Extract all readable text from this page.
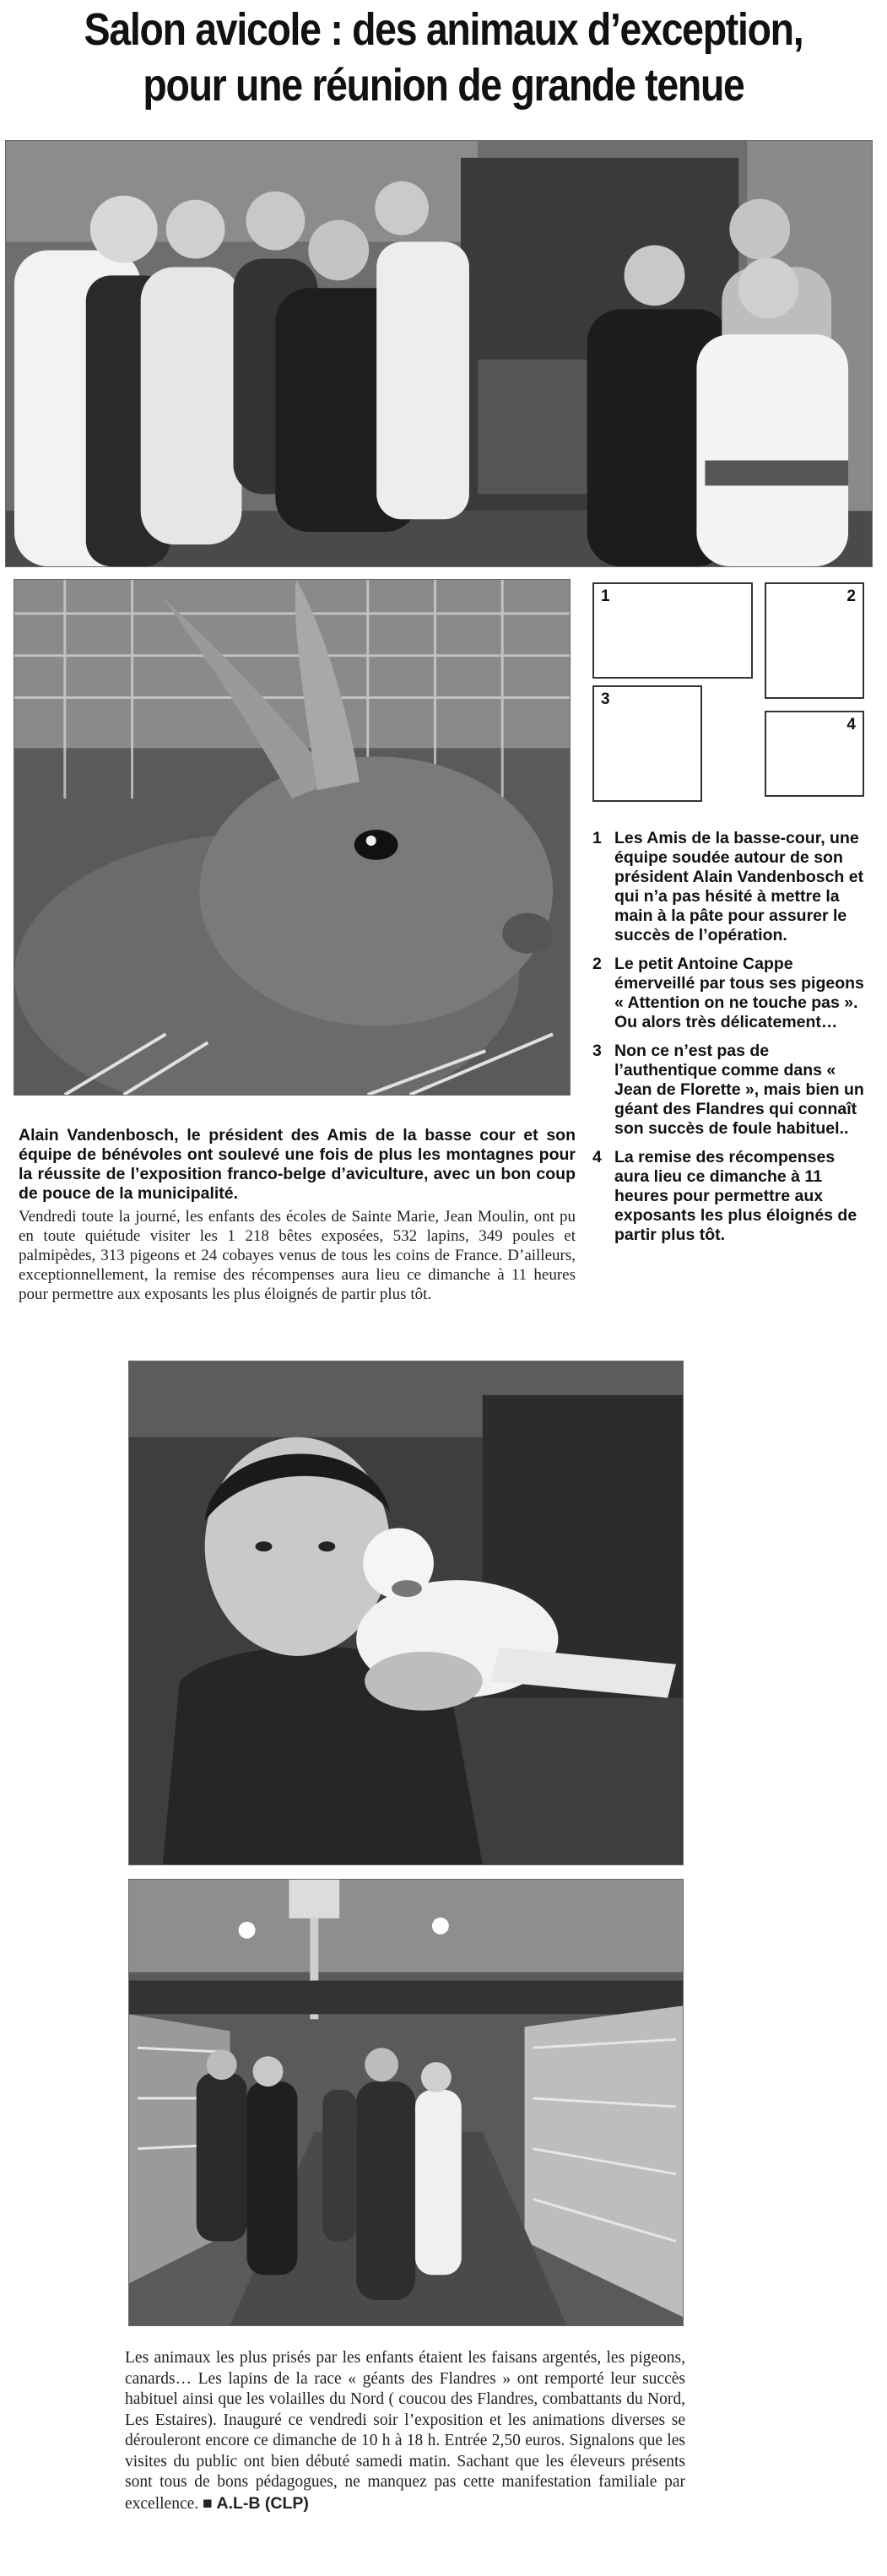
Salon avicole : des animaux d’exception,
pour une réunion de grande tenue
1	2
3
4
1 Les Amis de la basse-cour, une équipe soudée autour de son président Alain Vandenbosch et qui n’a pas hésité à mettre la main à la pâte pour assurer le succès de l’opération.
2 Le petit Antoine Cappe émerveillé par tous ses pigeons « Attention on ne touche pas ». Ou alors très délicatement…
3 Non ce n’est pas de l’authentique comme dans « Jean de Florette », mais bien un géant des Flandres qui connaît son succès de foule habituel..
4 La remise des récompenses aura lieu ce dimanche à 11 heures pour permettre aux exposants les plus éloignés de partir plus tôt.
Alain Vandenbosch, le président des Amis de la basse cour et son équipe de bénévoles ont soulevé une fois de plus les montagnes pour la réussite de l’exposition franco-belge d’aviculture, avec un bon coup de pouce de la municipalité.
Vendredi toute la journé, les enfants des écoles de Sainte Marie, Jean Moulin, ont pu en toute quiétude visiter les 1 218 bêtes exposées, 532 lapins, 349 poules et palmipèdes, 313 pigeons et 24 cobayes venus de tous les coins de France. D’ailleurs, exceptionnellement, la remise des récompenses aura lieu ce dimanche à 11 heures pour permettre aux exposants les plus éloignés de partir plus tôt.
Les animaux les plus prisés par les enfants étaient les faisans argentés, les pigeons, canards… Les lapins de la race « géants des Flandres » ont remporté leur succès habituel ainsi que les volailles du Nord ( coucou des Flandres, combattants du Nord, Les Estaires). Inauguré ce vendredi soir l’exposition et les animations diverses se dérouleront encore ce dimanche de 10 h à 18 h. Entrée 2,50 euros. Signalons que les visites du public ont bien débuté samedi matin. Sachant que les éleveurs présents sont tous de bons pédagogues, ne manquez pas cette manifestation familiale par excellence. ■ A.L-B (CLP)
